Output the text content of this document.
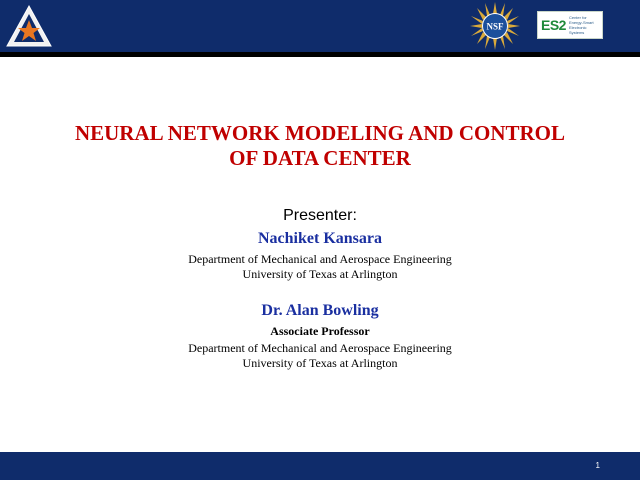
NSF	ES2 Center for Energy-Smart Electronic Systems
NEURAL NETWORK MODELING AND CONTROL
OF DATA CENTER
Presenter:
Nachiket Kansara
Department of Mechanical and Aerospace Engineering
University of Texas at Arlington
Dr. Alan Bowling
Associate Professor
Department of Mechanical and Aerospace Engineering
University of Texas at Arlington
1
